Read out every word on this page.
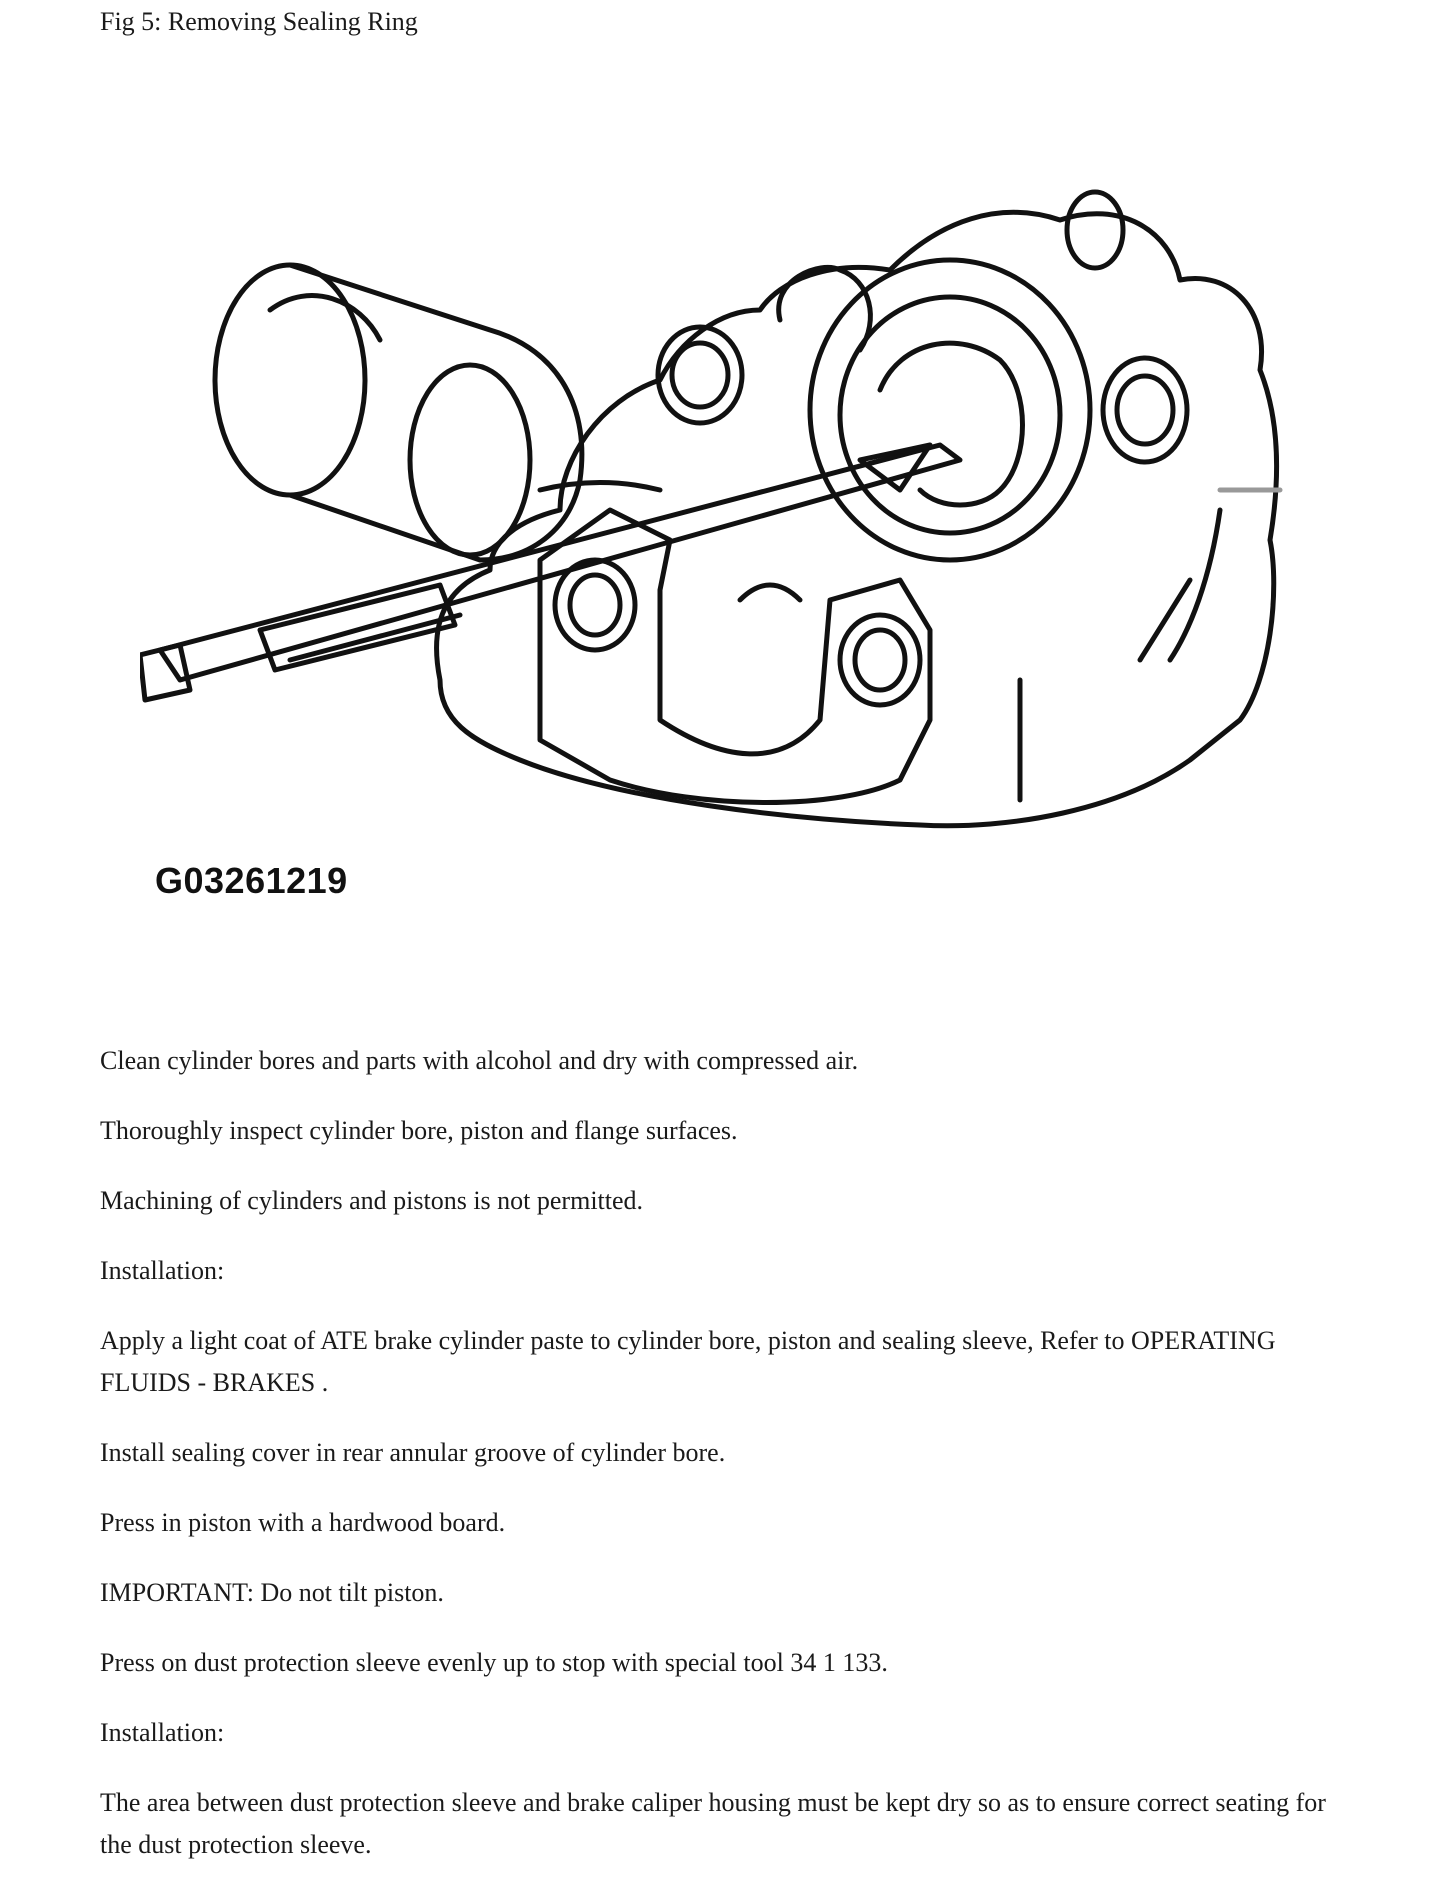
Fig 5: Removing Sealing Ring
G03261219

Clean cylinder bores and parts with alcohol and dry with compressed air.

Thoroughly inspect cylinder bore, piston and flange surfaces.

Machining of cylinders and pistons is not permitted.

Installation:

Apply a light coat of ATE brake cylinder paste to cylinder bore, piston and sealing sleeve, Refer to OPERATING FLUIDS - BRAKES .

Install sealing cover in rear annular groove of cylinder bore.

Press in piston with a hardwood board.

IMPORTANT: Do not tilt piston.

Press on dust protection sleeve evenly up to stop with special tool 34 1 133.

Installation:

The area between dust protection sleeve and brake caliper housing must be kept dry so as to ensure correct seating for the dust protection sleeve.
